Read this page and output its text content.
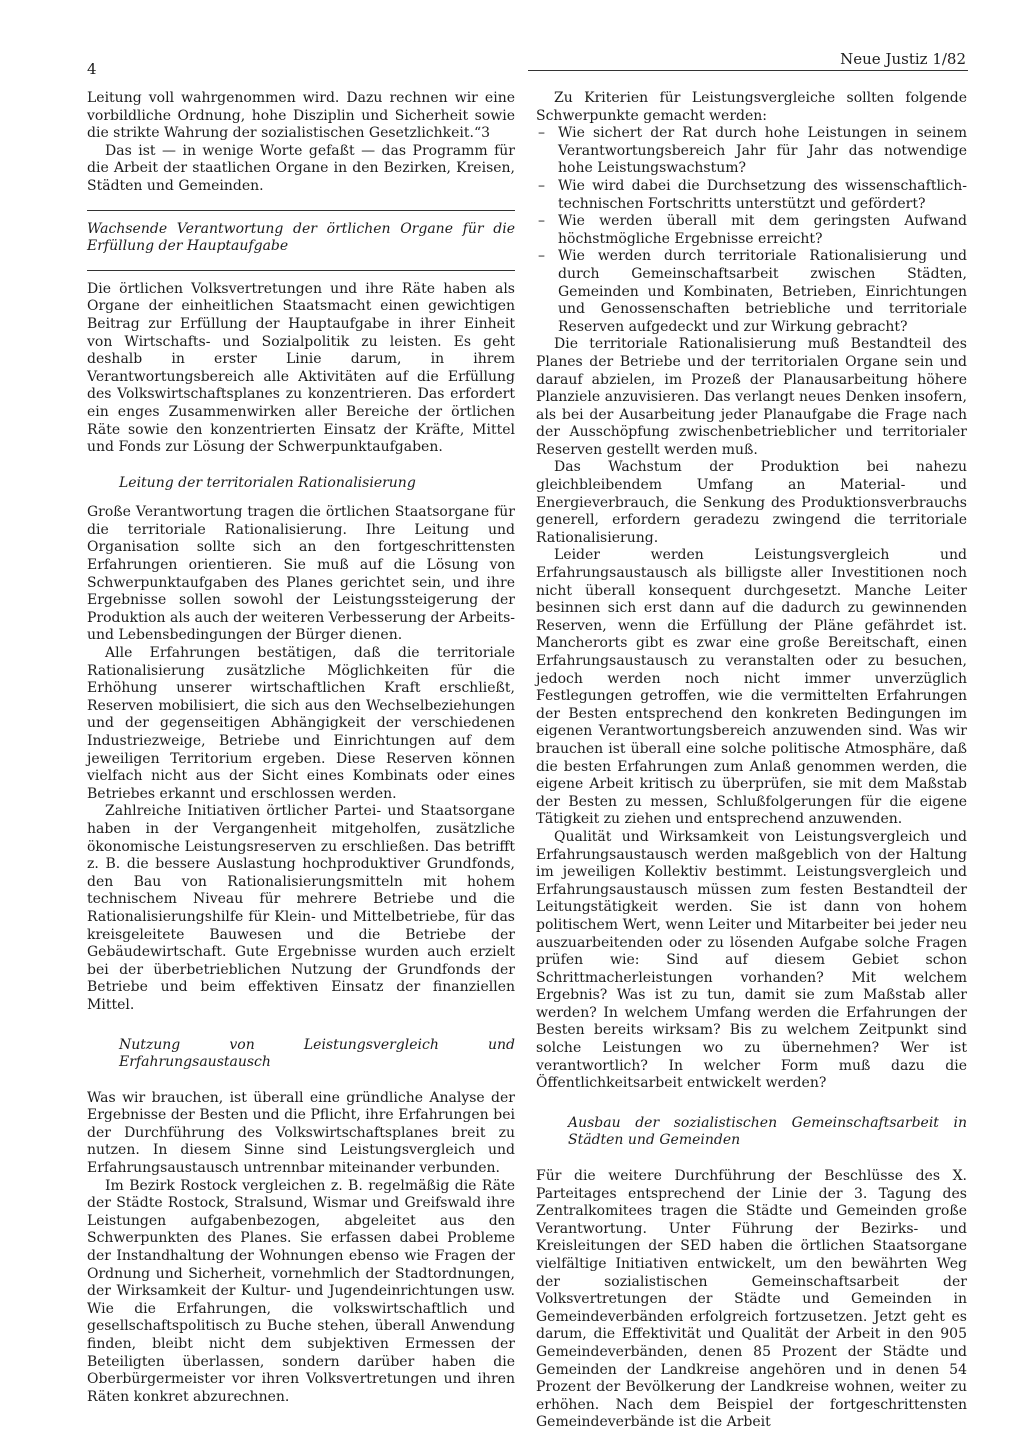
4
Neue Justiz 1/82

Leitung voll wahrgenommen wird. Dazu rechnen wir eine vorbildliche Ordnung, hohe Disziplin und Sicherheit sowie die strikte Wahrung der sozialistischen Gesetzlichkeit.“3

Das ist — in wenige Worte gefaßt — das Programm für die Arbeit der staatlichen Organe in den Bezirken, Kreisen, Städten und Gemeinden.

Wachsende Verantwortung der örtlichen Organe für die Erfüllung der Hauptaufgabe

Die örtlichen Volksvertretungen und ihre Räte haben als Organe der einheitlichen Staatsmacht einen gewichtigen Beitrag zur Erfüllung der Hauptaufgabe in ihrer Einheit von Wirtschafts- und Sozialpolitik zu leisten. Es geht deshalb in erster Linie darum, in ihrem Verantwortungsbereich alle Aktivitäten auf die Erfüllung des Volkswirtschaftsplanes zu konzentrieren. Das erfordert ein enges Zusammenwirken aller Bereiche der örtlichen Räte sowie den konzentrierten Einsatz der Kräfte, Mittel und Fonds zur Lösung der Schwerpunktaufgaben.

Leitung der territorialen Rationalisierung

Große Verantwortung tragen die örtlichen Staatsorgane für die territoriale Rationalisierung. Ihre Leitung und Organisation sollte sich an den fortgeschrittensten Erfahrungen orientieren. Sie muß auf die Lösung von Schwerpunktaufgaben des Planes gerichtet sein, und ihre Ergebnisse sollen sowohl der Leistungssteigerung der Produktion als auch der weiteren Verbesserung der Arbeits- und Lebensbedingungen der Bürger dienen.

Alle Erfahrungen bestätigen, daß die territoriale Rationalisierung zusätzliche Möglichkeiten für die Erhöhung unserer wirtschaftlichen Kraft erschließt, Reserven mobilisiert, die sich aus den Wechselbeziehungen und der gegenseitigen Abhängigkeit der verschiedenen Industriezweige, Betriebe und Einrichtungen auf dem jeweiligen Territorium ergeben. Diese Reserven können vielfach nicht aus der Sicht eines Kombinats oder eines Betriebes erkannt und erschlossen werden.

Zahlreiche Initiativen örtlicher Partei- und Staatsorgane haben in der Vergangenheit mitgeholfen, zusätzliche ökonomische Leistungsreserven zu erschließen. Das betrifft z. B. die bessere Auslastung hochproduktiver Grundfonds, den Bau von Rationalisierungsmitteln mit hohem technischem Niveau für mehrere Betriebe und die Rationalisierungshilfe für Klein- und Mittelbetriebe, für das kreisgeleitete Bauwesen und die Betriebe der Gebäudewirtschaft. Gute Ergebnisse wurden auch erzielt bei der überbetrieblichen Nutzung der Grundfonds der Betriebe und beim effektiven Einsatz der finanziellen Mittel.

Nutzung von Leistungsvergleich und Erfahrungsaustausch

Was wir brauchen, ist überall eine gründliche Analyse der Ergebnisse der Besten und die Pflicht, ihre Erfahrungen bei der Durchführung des Volkswirtschaftsplanes breit zu nutzen. In diesem Sinne sind Leistungsvergleich und Erfahrungsaustausch untrennbar miteinander verbunden.

Im Bezirk Rostock vergleichen z. B. regelmäßig die Räte der Städte Rostock, Stralsund, Wismar und Greifswald ihre Leistungen aufgabenbezogen, abgeleitet aus den Schwerpunkten des Planes. Sie erfassen dabei Probleme der Instandhaltung der Wohnungen ebenso wie Fragen der Ordnung und Sicherheit, vornehmlich der Stadtordnungen, der Wirksamkeit der Kultur- und Jugendeinrichtungen usw. Wie die Erfahrungen, die volkswirtschaftlich und gesellschaftspolitisch zu Buche stehen, überall Anwendung finden, bleibt nicht dem subjektiven Ermessen der Beteiligten überlassen, sondern darüber haben die Oberbürgermeister vor ihren Volksvertretungen und ihren Räten konkret abzurechnen.

Zu Kriterien für Leistungsvergleiche sollten folgende Schwerpunkte gemacht werden:

– Wie sichert der Rat durch hohe Leistungen in seinem Verantwortungsbereich Jahr für Jahr das notwendige hohe Leistungswachstum?
– Wie wird dabei die Durchsetzung des wissenschaftlich-technischen Fortschritts unterstützt und gefördert?
– Wie werden überall mit dem geringsten Aufwand höchstmögliche Ergebnisse erreicht?
– Wie werden durch territoriale Rationalisierung und durch Gemeinschaftsarbeit zwischen Städten, Gemeinden und Kombinaten, Betrieben, Einrichtungen und Genossenschaften betriebliche und territoriale Reserven aufgedeckt und zur Wirkung gebracht?

Die territoriale Rationalisierung muß Bestandteil des Planes der Betriebe und der territorialen Organe sein und darauf abzielen, im Prozeß der Planausarbeitung höhere Planziele anzuvisieren. Das verlangt neues Denken insofern, als bei der Ausarbeitung jeder Planaufgabe die Frage nach der Ausschöpfung zwischenbetrieblicher und territorialer Reserven gestellt werden muß.

Das Wachstum der Produktion bei nahezu gleichbleibendem Umfang an Material- und Energieverbrauch, die Senkung des Produktionsverbrauchs generell, erfordern geradezu zwingend die territoriale Rationalisierung.

Leider werden Leistungsvergleich und Erfahrungsaustausch als billigste aller Investitionen noch nicht überall konsequent durchgesetzt. Manche Leiter besinnen sich erst dann auf die dadurch zu gewinnenden Reserven, wenn die Erfüllung der Pläne gefährdet ist. Mancherorts gibt es zwar eine große Bereitschaft, einen Erfahrungsaustausch zu veranstalten oder zu besuchen, jedoch werden noch nicht immer unverzüglich Festlegungen getroffen, wie die vermittelten Erfahrungen der Besten entsprechend den konkreten Bedingungen im eigenen Verantwortungsbereich anzuwenden sind. Was wir brauchen ist überall eine solche politische Atmosphäre, daß die besten Erfahrungen zum Anlaß genommen werden, die eigene Arbeit kritisch zu überprüfen, sie mit dem Maßstab der Besten zu messen, Schlußfolgerungen für die eigene Tätigkeit zu ziehen und entsprechend anzuwenden.

Qualität und Wirksamkeit von Leistungsvergleich und Erfahrungsaustausch werden maßgeblich von der Haltung im jeweiligen Kollektiv bestimmt. Leistungsvergleich und Erfahrungsaustausch müssen zum festen Bestandteil der Leitungstätigkeit werden. Sie ist dann von hohem politischem Wert, wenn Leiter und Mitarbeiter bei jeder neu auszuarbeitenden oder zu lösenden Aufgabe solche Fragen prüfen wie: Sind auf diesem Gebiet schon Schrittmacherleistungen vorhanden? Mit welchem Ergebnis? Was ist zu tun, damit sie zum Maßstab aller werden? In welchem Umfang werden die Erfahrungen der Besten bereits wirksam? Bis zu welchem Zeitpunkt sind solche Leistungen wo zu übernehmen? Wer ist verantwortlich? In welcher Form muß dazu die Öffentlichkeitsarbeit entwickelt werden?

Ausbau der sozialistischen Gemeinschaftsarbeit in Städten und Gemeinden

Für die weitere Durchführung der Beschlüsse des X. Parteitages entsprechend der Linie der 3. Tagung des Zentralkomitees tragen die Städte und Gemeinden große Verantwortung. Unter Führung der Bezirks- und Kreisleitungen der SED haben die örtlichen Staatsorgane vielfältige Initiativen entwickelt, um den bewährten Weg der sozialistischen Gemeinschaftsarbeit der Volksvertretungen der Städte und Gemeinden in Gemeindeverbänden erfolgreich fortzusetzen. Jetzt geht es darum, die Effektivität und Qualität der Arbeit in den 905 Gemeindeverbänden, denen 85 Prozent der Städte und Gemeinden der Landkreise angehören und in denen 54 Prozent der Bevölkerung der Landkreise wohnen, weiter zu erhöhen. Nach dem Beispiel der fortgeschrittensten Gemeindeverbände ist die Arbeit
